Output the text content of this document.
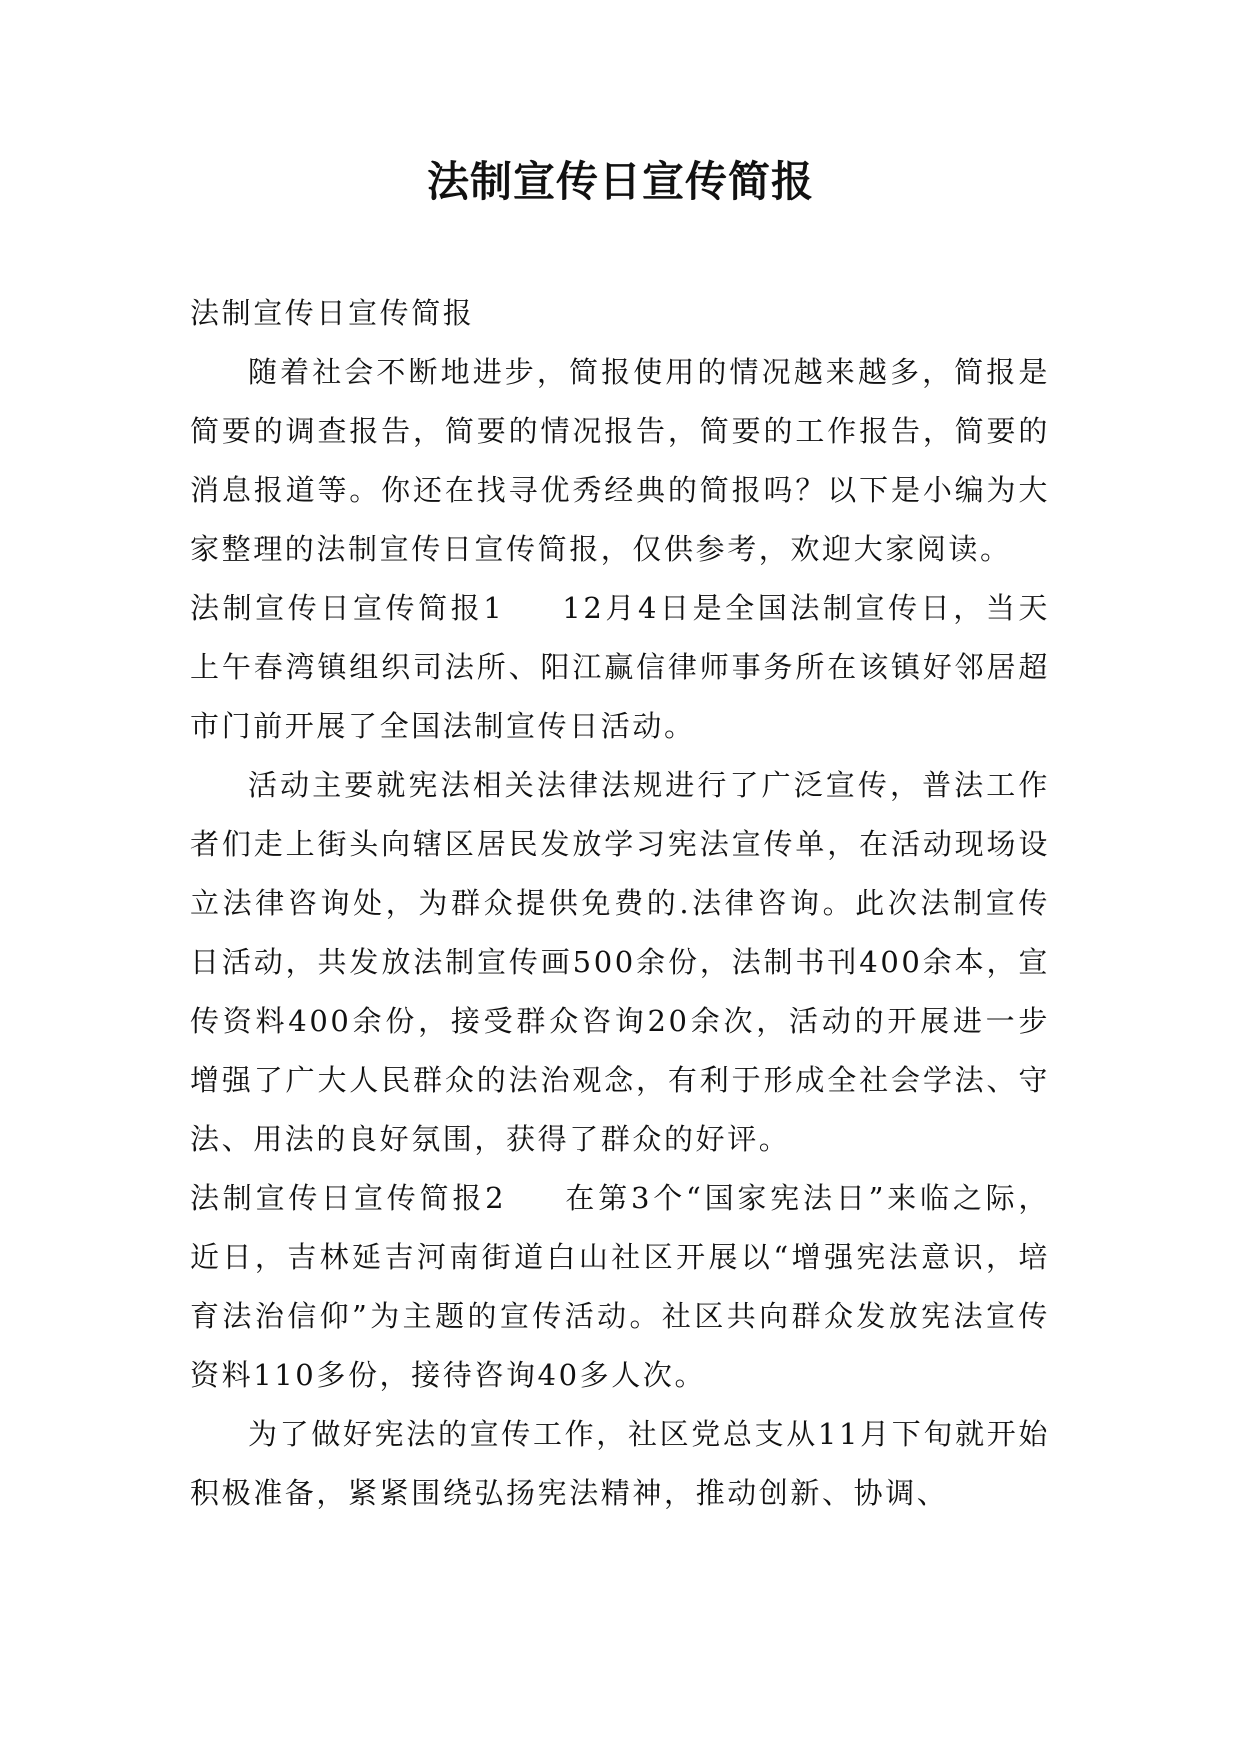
法制宣传日宣传简报

法制宣传日宣传简报

随着社会不断地进步，简报使用的情况越来越多，简报是简要的调查报告，简要的情况报告，简要的工作报告，简要的消息报道等。你还在找寻优秀经典的简报吗？以下是小编为大家整理的法制宣传日宣传简报，仅供参考，欢迎大家阅读。

法制宣传日宣传简报1 12月4日是全国法制宣传日，当天上午春湾镇组织司法所、阳江赢信律师事务所在该镇好邻居超市门前开展了全国法制宣传日活动。

活动主要就宪法相关法律法规进行了广泛宣传，普法工作者们走上街头向辖区居民发放学习宪法宣传单，在活动现场设立法律咨询处，为群众提供免费的.法律咨询。此次法制宣传日活动，共发放法制宣传画500余份，法制书刊400余本，宣传资料400余份，接受群众咨询20余次，活动的开展进一步增强了广大人民群众的法治观念，有利于形成全社会学法、守法、用法的良好氛围，获得了群众的好评。

法制宣传日宣传简报2 在第3个“国家宪法日”来临之际，近日，吉林延吉河南街道白山社区开展以“增强宪法意识，培育法治信仰”为主题的宣传活动。社区共向群众发放宪法宣传资料110多份，接待咨询40多人次。

为了做好宪法的宣传工作，社区党总支从11月下旬就开始积极准备，紧紧围绕弘扬宪法精神，推动创新、协调、
